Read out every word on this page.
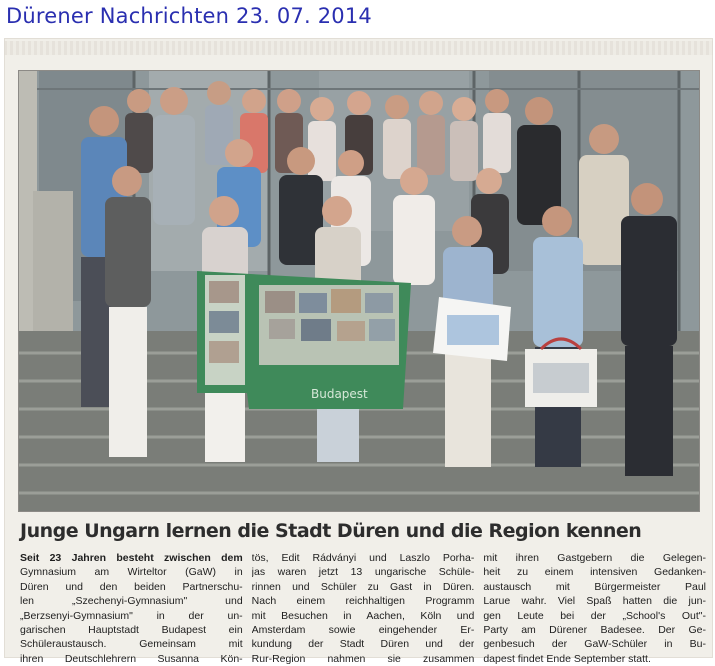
Dürener Nachrichten 23. 07. 2014
Budapest
Junge Ungarn lernen die Stadt Düren und die Region kennen
Seit 23 Jahren besteht zwischen dem
Gymnasium am Wirteltor (GaW) in
Düren und den beiden Partnerschu-
len „Szechenyi-Gymnasium" und
„Berzsenyi-Gymnasium" in der un-
garischen Hauptstadt Budapest ein
Schüleraustausch. Gemeinsam mit
ihren Deutschlehrern Susanna Kön-
tös, Edit Rádványi und Laszlo Porha-
jas waren jetzt 13 ungarische Schüle-
rinnen und Schüler zu Gast in Düren.
Nach einem reichhaltigen Programm
mit Besuchen in Aachen, Köln und
Amsterdam sowie eingehender Er-
kundung der Stadt Düren und der
Rur-Region nahmen sie zusammen
mit ihren Gastgebern die Gelegen-
heit zu einem intensiven Gedanken-
austausch mit Bürgermeister Paul
Larue wahr. Viel Spaß hatten die jun-
gen Leute bei der „School's Out"-
Party am Dürener Badesee. Der Ge-
genbesuch der GaW-Schüler in Bu-
dapest findet Ende September statt.
